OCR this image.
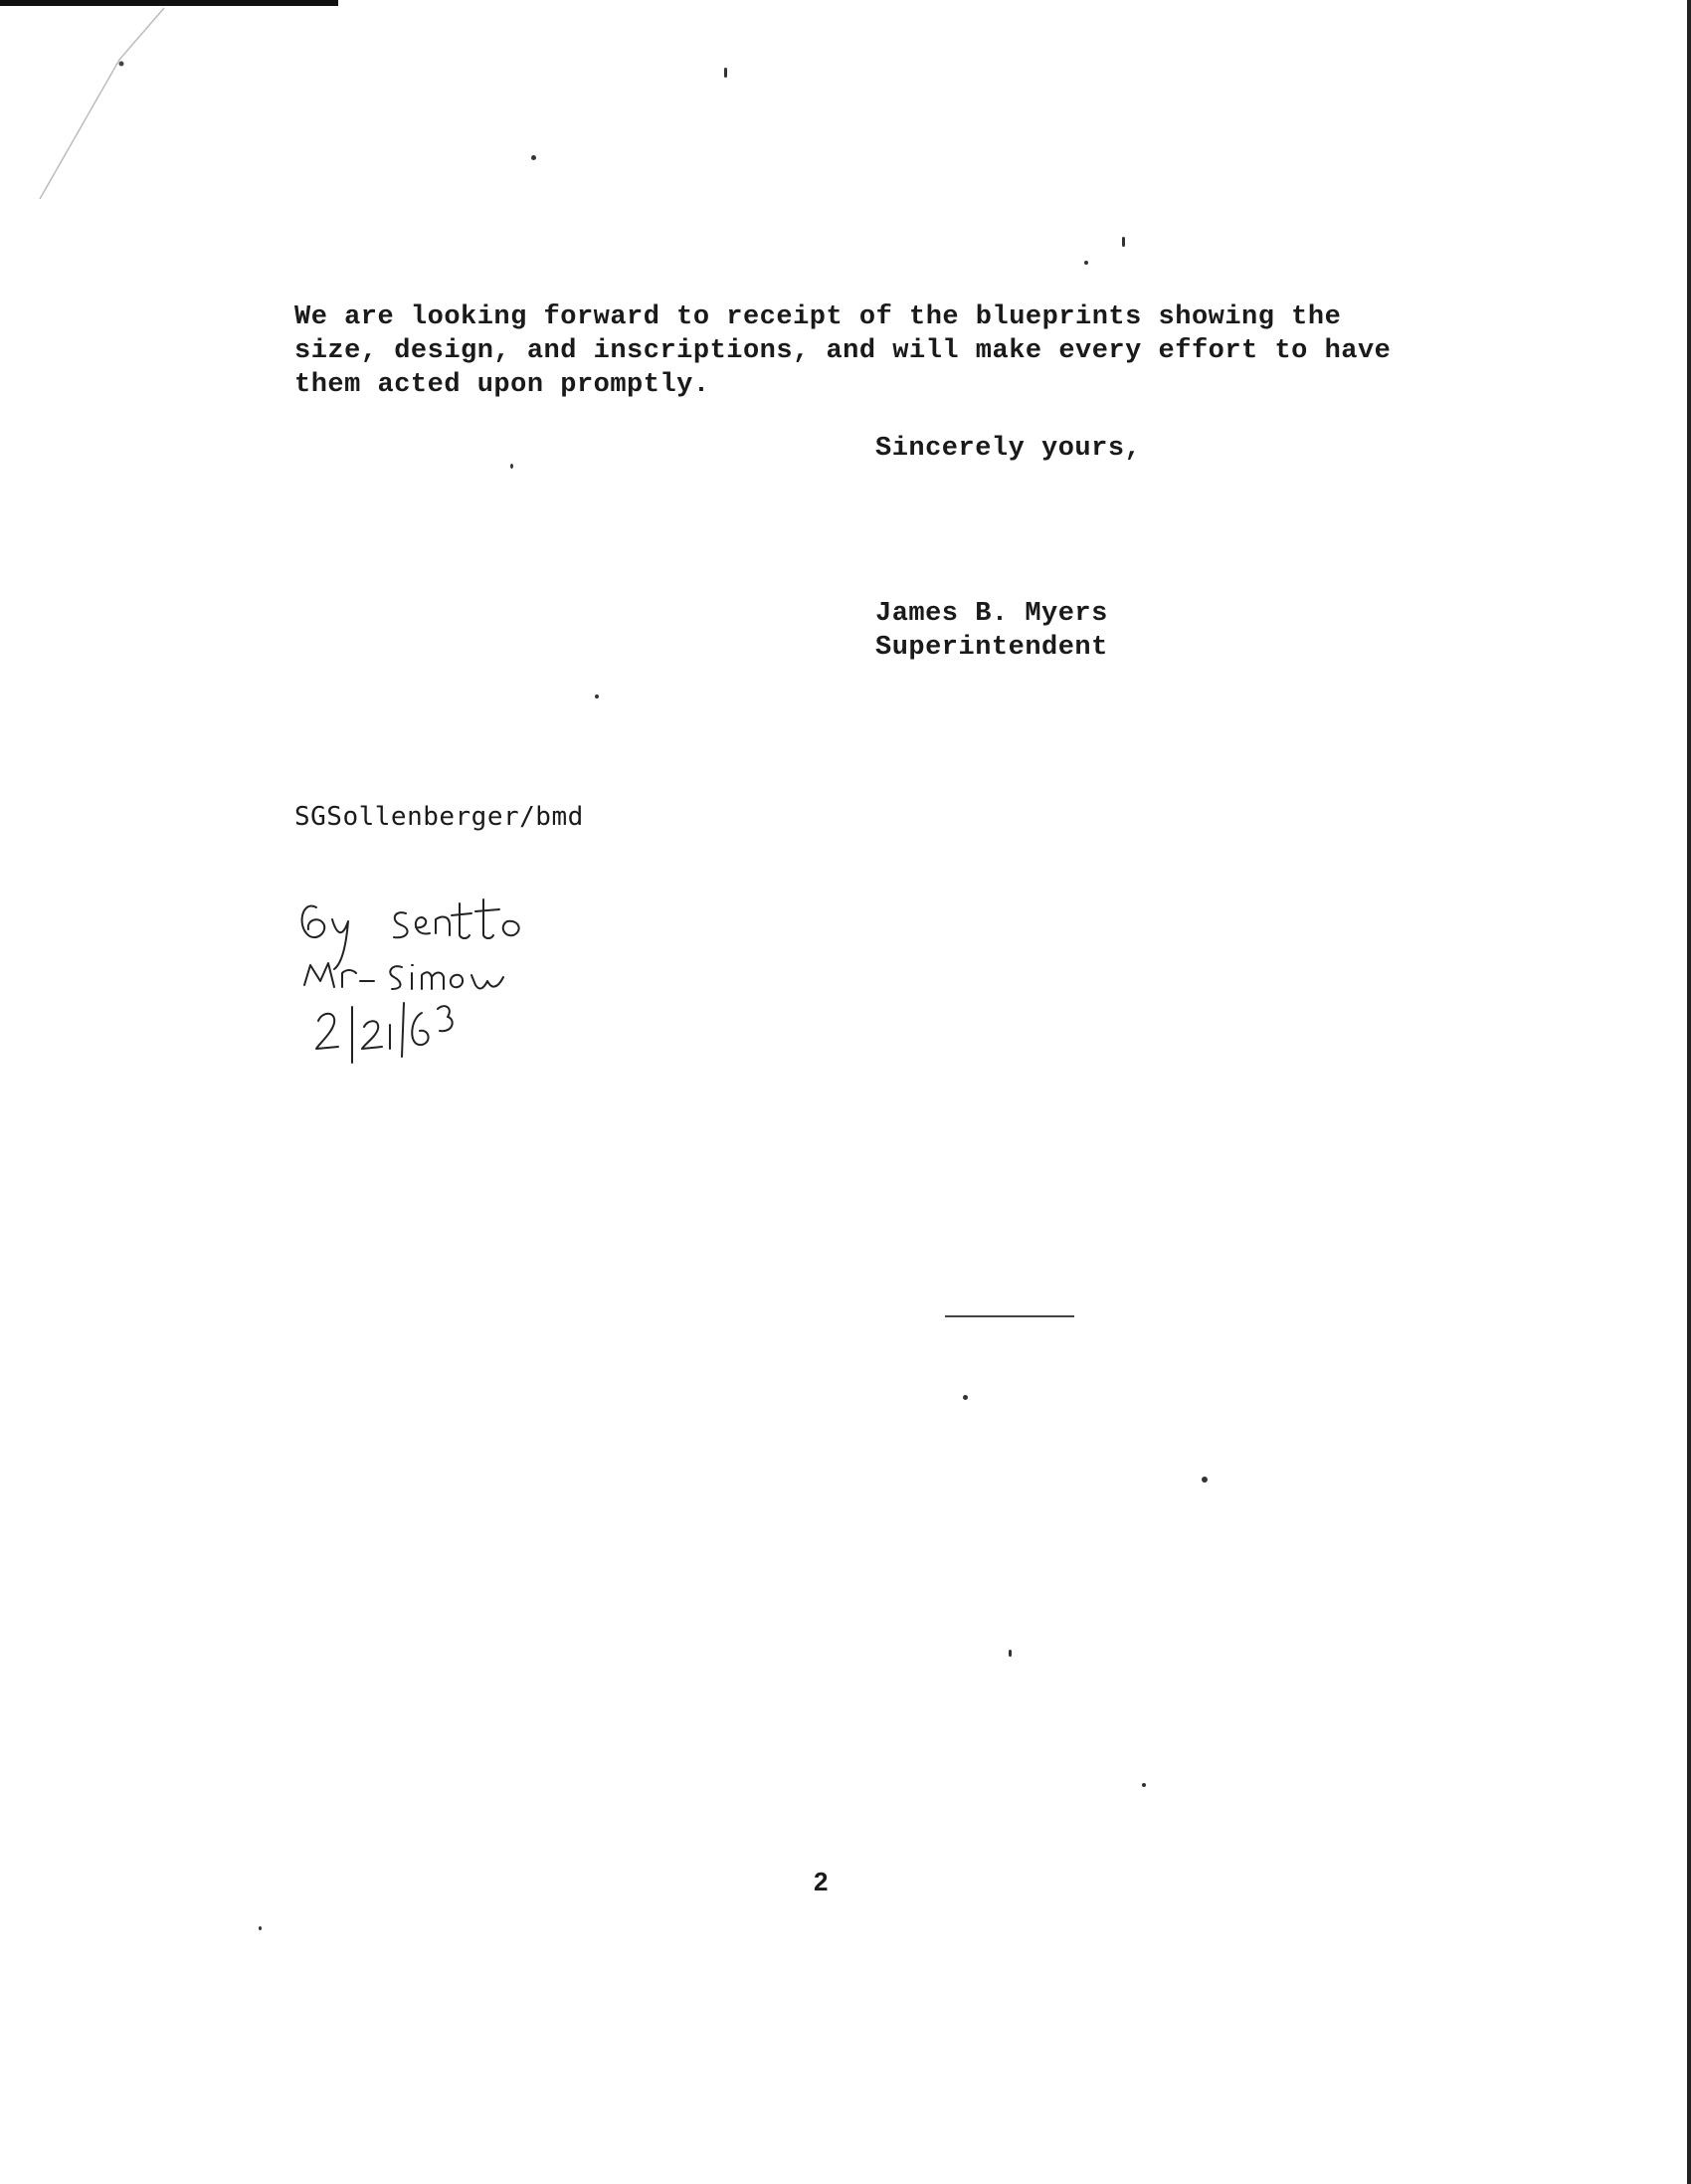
We are looking forward to receipt of the blueprints showing the
size, design, and inscriptions, and will make every effort to have
them acted upon promptly.
Sincerely yours,
James B. Myers
Superintendent
SGSollenberger/bmd
2
